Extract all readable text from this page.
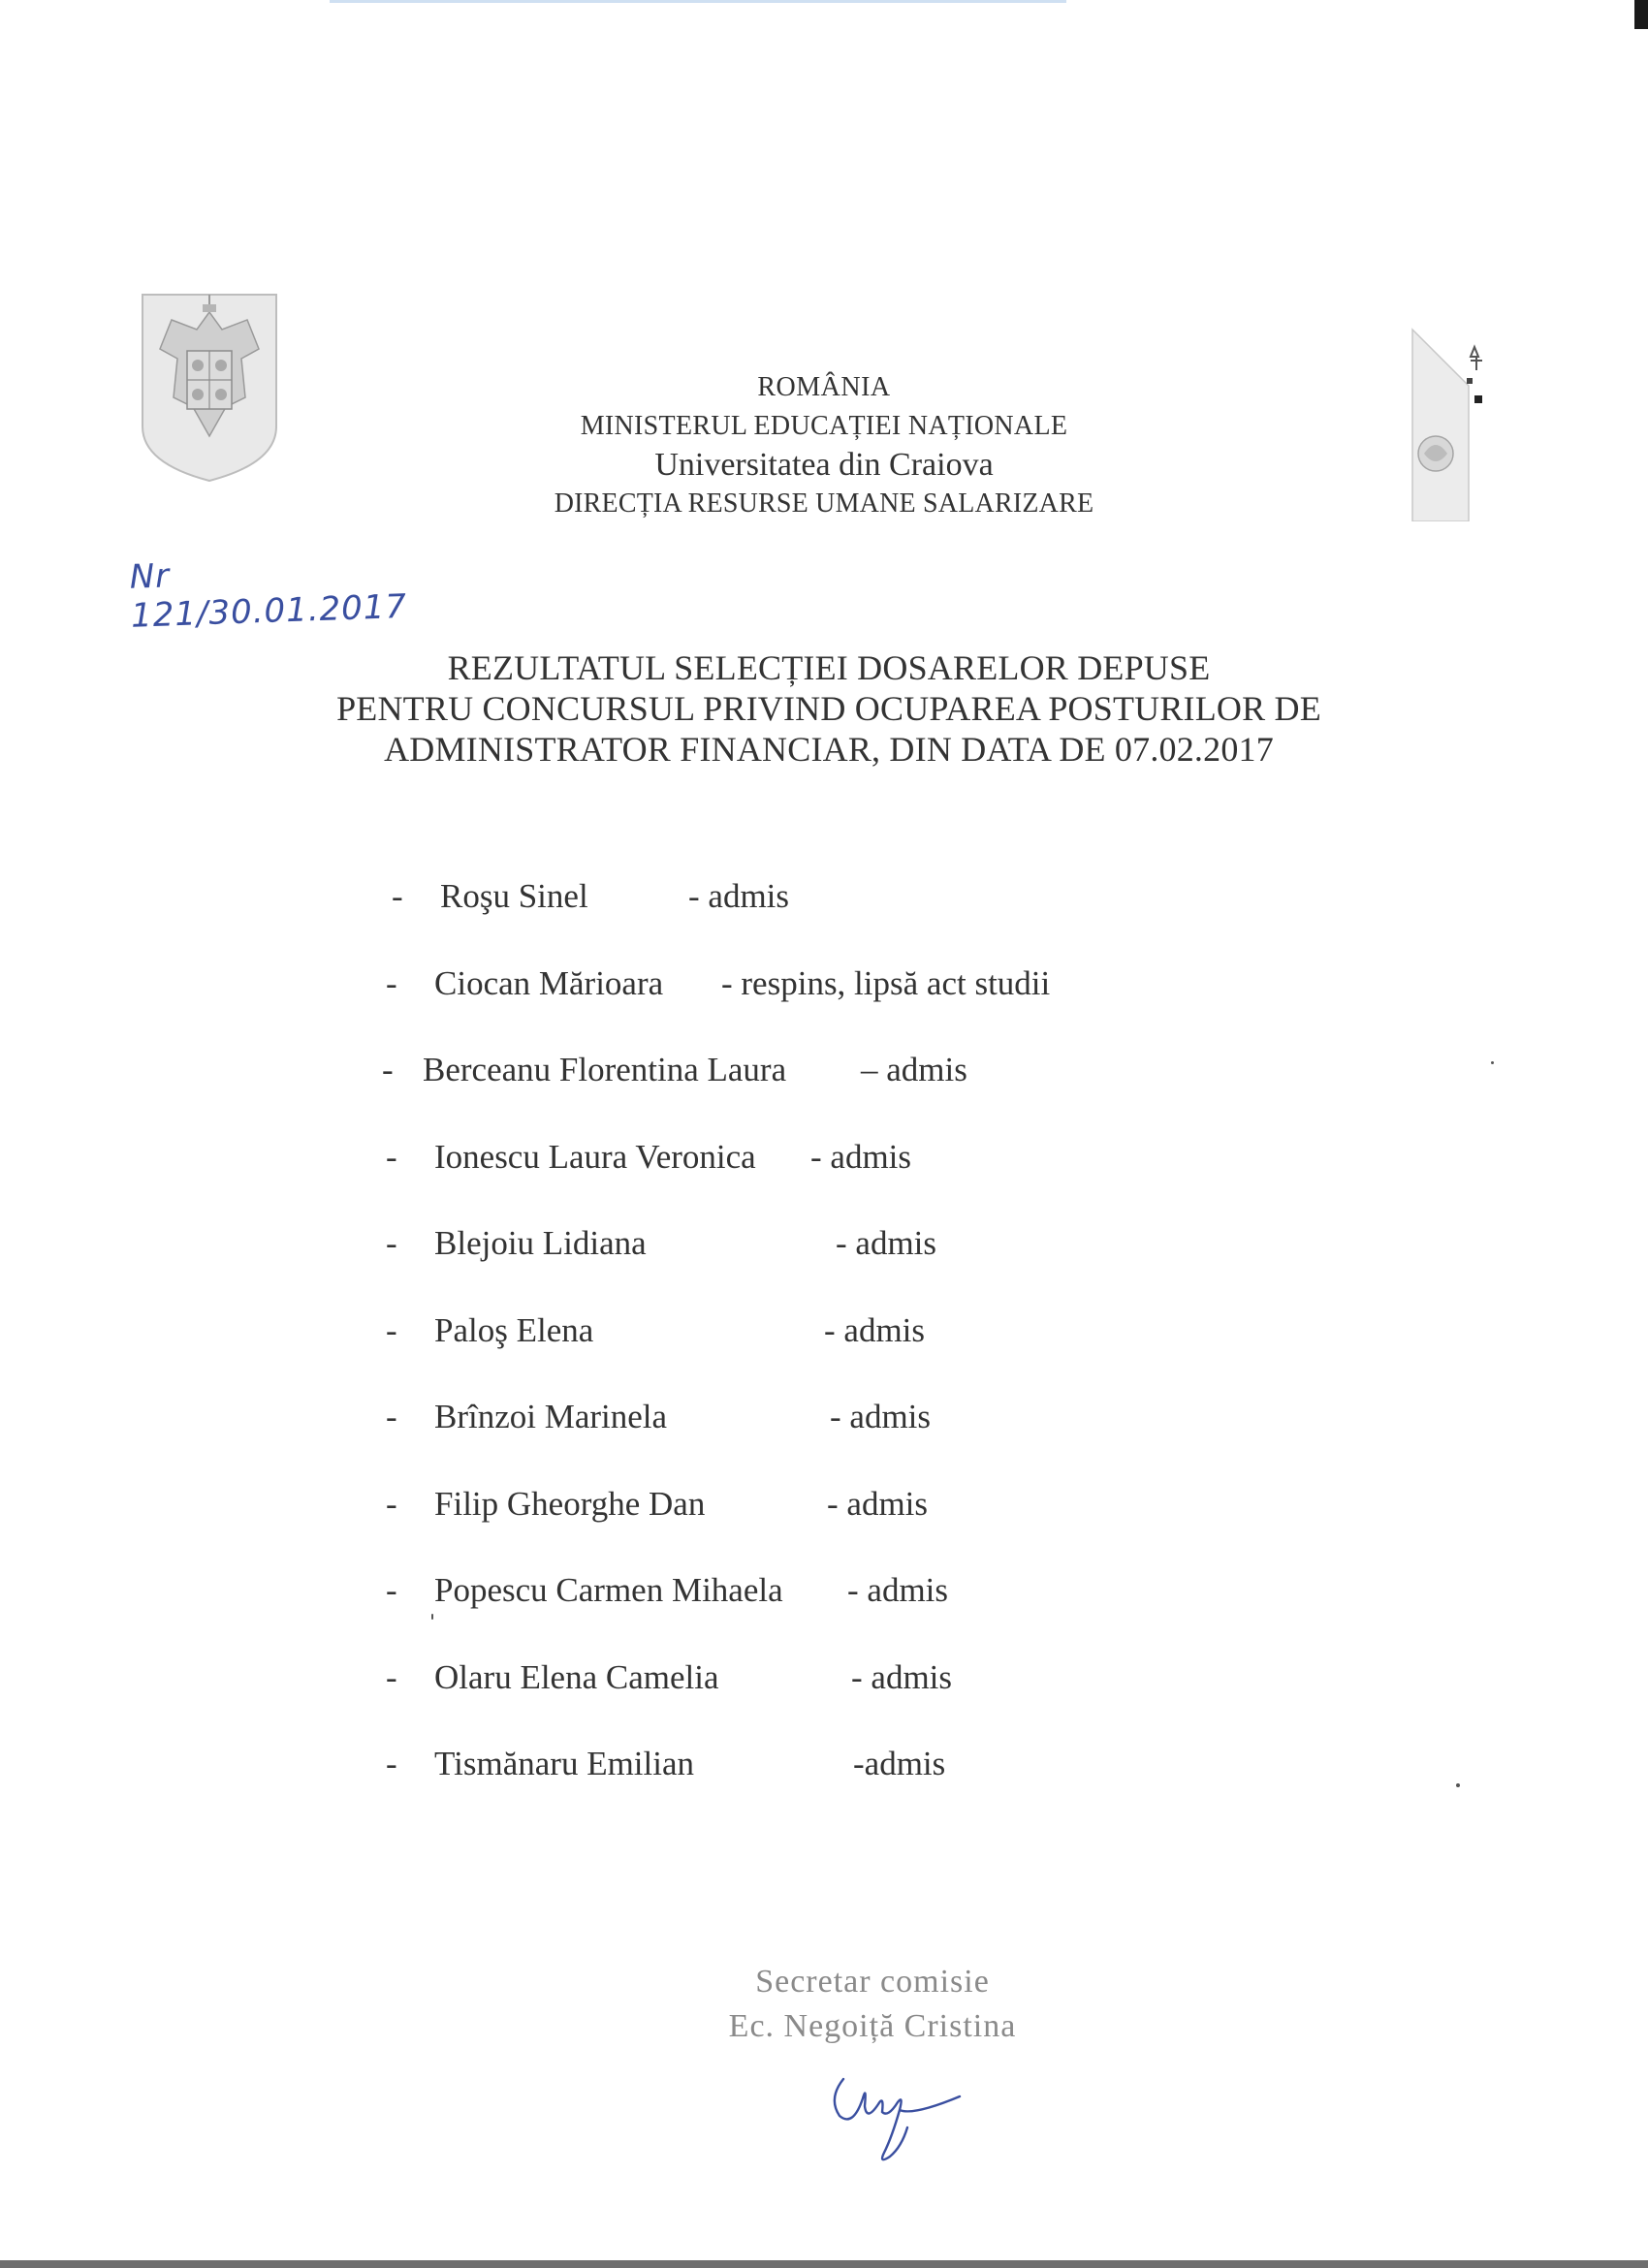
ROMÂNIA
MINISTERUL EDUCAȚIEI NAȚIONALE
Universitatea din Craiova
DIRECȚIA RESURSE UMANE SALARIZARE
Nr 121/30.01.2017
REZULTATUL SELECȚIEI DOSARELOR DEPUSE
PENTRU CONCURSUL PRIVIND OCUPAREA POSTURILOR DE
ADMINISTRATOR FINANCIAR, DIN DATA DE 07.02.2017
- Roşu Sinel	- admis
- Ciocan Mărioara - respins, lipsă act studii
- Berceanu Florentina Laura – admis
- Ionescu Laura Veronica - admis
- Blejoiu Lidiana	- admis
- Paloş Elena	- admis
- Brînzoi Marinela	- admis
- Filip Gheorghe Dan	- admis
- Popescu Carmen Mihaela - admis
- Olaru Elena Camelia	- admis
- Tismănaru Emilian	-admis
Secretar comisie
Ec. Negoiță Cristina
